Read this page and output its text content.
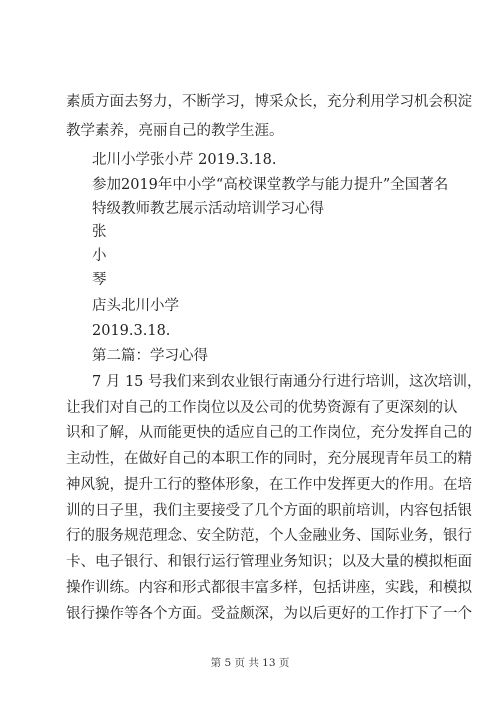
素质方面去努力，不断学习，博采众长，充分利用学习机会积淀
教学素养，亮丽自己的教学生涯。
北川小学张小芹 2019.3.18.
参加2019年中小学“高校课堂教学与能力提升”全国著名
特级教师教艺展示活动培训学习心得
张
小
琴
店头北川小学
2019.3.18.
第二篇：学习心得
7 月 15 号我们来到农业银行南通分行进行培训，这次培训，
让我们对自己的工作岗位以及公司的优势资源有了更深刻的认
识和了解，从而能更快的适应自己的工作岗位，充分发挥自己的
主动性，在做好自己的本职工作的同时，充分展现青年员工的精
神风貌，提升工行的整体形象，在工作中发挥更大的作用。在培
训的日子里，我们主要接受了几个方面的职前培训，内容包括银
行的服务规范理念、安全防范，个人金融业务、国际业务，银行
卡、电子银行、和银行运行管理业务知识；以及大量的模拟柜面
操作训练。内容和形式都很丰富多样，包括讲座，实践，和模拟
银行操作等各个方面。受益颇深，为以后更好的工作打下了一个
第 5 页 共 13 页
